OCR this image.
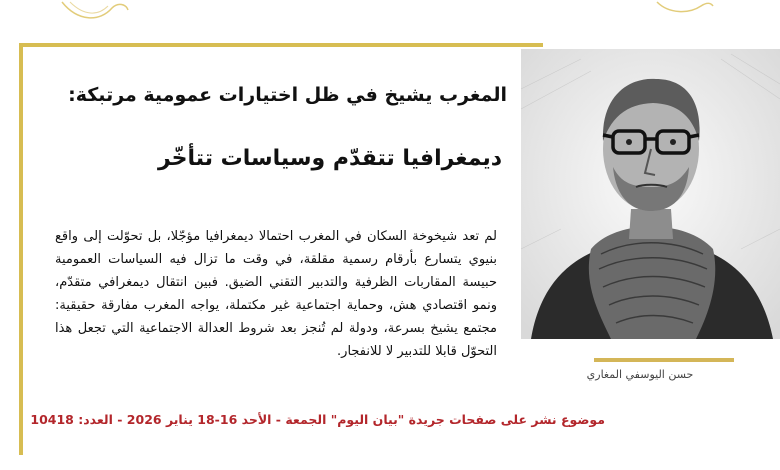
حسن اليوسفي المغاري
المغرب يشيخ في ظل اختيارات عمومية مرتبكة:
ديمغرافيا تتقدّم وسياسات تتأخّر
لم تعد شيخوخة السكان في المغرب احتمالا ديمغرافيا مؤجّلا، بل تحوّلت إلى واقع بنيوي يتسارع بأرقام رسمية مقلقة، في وقت ما تزال فيه السياسات العمومية حبيسة المقاربات الظرفية والتدبير التقني الضيق. فبين انتقال ديمغرافي متقدّم، ونمو اقتصادي هش، وحماية اجتماعية غير مكتملة، يواجه المغرب مفارقة حقيقية: مجتمع يشيخ بسرعة، ودولة لم تُنجز بعد شروط العدالة الاجتماعية التي تجعل هذا التحوّل قابلا للتدبير لا للانفجار.
موضوع نشر على صفحات جريدة "بيان اليوم" الجمعة - الأحد 16-18 يناير 2026 - العدد: 10418
